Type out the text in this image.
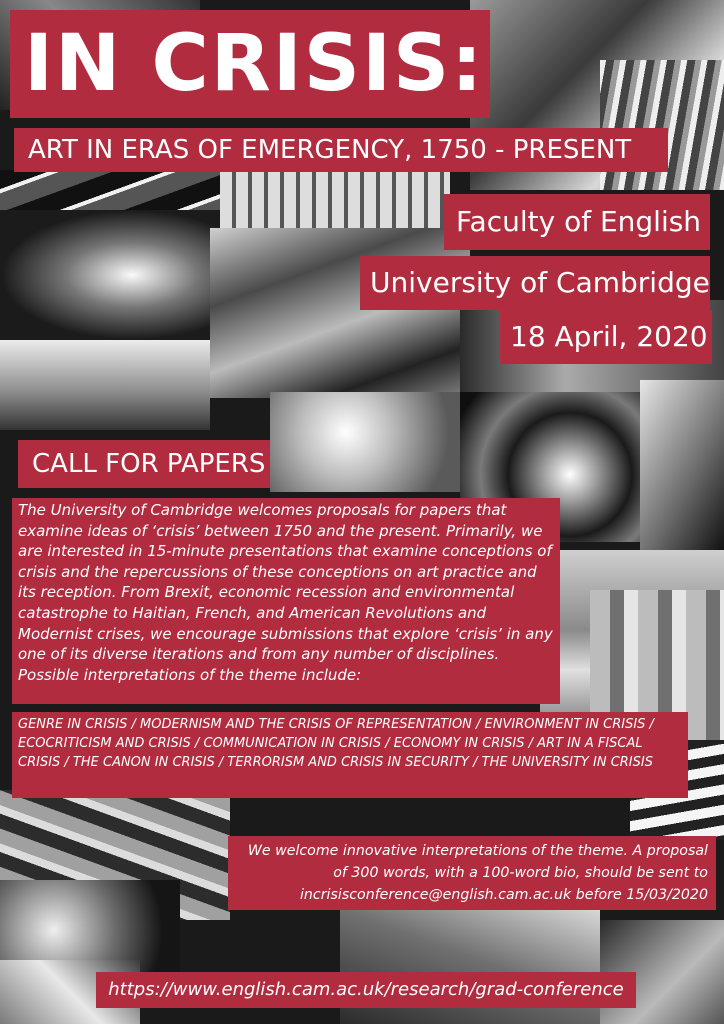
IN CRISIS:
ART IN ERAS OF EMERGENCY, 1750 - PRESENT
Faculty of English
University of Cambridge
18 April, 2020
CALL FOR PAPERS
The University of Cambridge welcomes proposals for papers that examine ideas of ‘crisis’ between 1750 and the present. Primarily, we are interested in 15-minute presentations that examine conceptions of crisis and the repercussions of these conceptions on art practice and its reception. From Brexit, economic recession and environmental catastrophe to Haitian, French, and American Revolutions and Modernist crises, we encourage submissions that explore ‘crisis’ in any one of its diverse iterations and from any number of disciplines. Possible interpretations of the theme include:
GENRE IN CRISIS / MODERNISM AND THE CRISIS OF REPRESENTATION / ENVIRONMENT IN CRISIS / ECOCRITICISM AND CRISIS / COMMUNICATION IN CRISIS / ECONOMY IN CRISIS / ART IN A FISCAL CRISIS / THE CANON IN CRISIS / TERRORISM AND CRISIS IN SECURITY / THE UNIVERSITY IN CRISIS
We welcome innovative interpretations of the theme. A proposal of 300 words, with a 100-word bio, should be sent to incrisisconference@english.cam.ac.uk before 15/03/2020
https://www.english.cam.ac.uk/research/grad-conference
